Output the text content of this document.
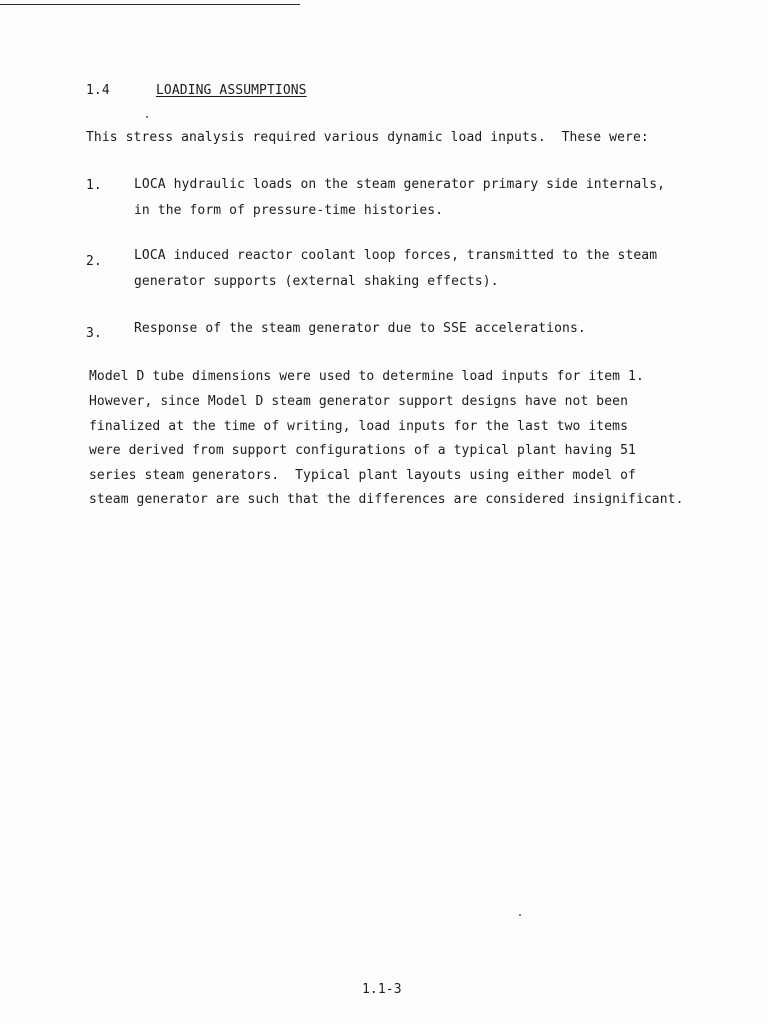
1.4	LOADING ASSUMPTIONS
This stress analysis required various dynamic load inputs.  These were:
1. LOCA hydraulic loads on the steam generator primary side internals,
in the form of pressure-time histories.
2. LOCA induced reactor coolant loop forces, transmitted to the steam
generator supports (external shaking effects).
3. Response of the steam generator due to SSE accelerations.
Model D tube dimensions were used to determine load inputs for item 1.
However, since Model D steam generator support designs have not been
finalized at the time of writing, load inputs for the last two items
were derived from support configurations of a typical plant having 51
series steam generators.  Typical plant layouts using either model of
steam generator are such that the differences are considered insignificant.
1.1-3
